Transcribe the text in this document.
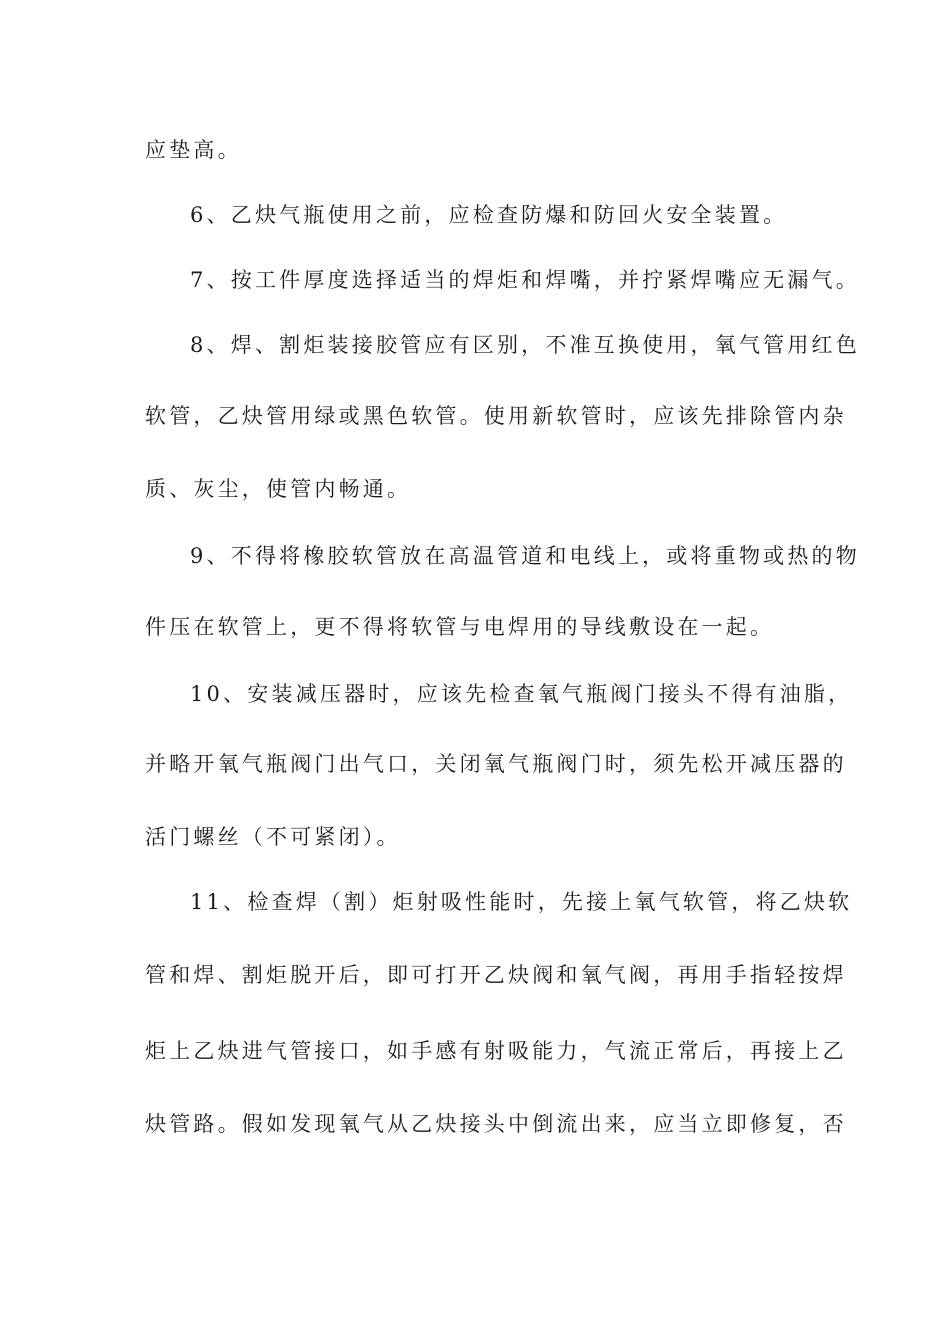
应垫高。
6、乙炔气瓶使用之前，应检查防爆和防回火安全装置。
7、按工件厚度选择适当的焊炬和焊嘴，并拧紧焊嘴应无漏气。
8、焊、割炬装接胶管应有区别，不准互换使用，氧气管用红色
软管，乙炔管用绿或黑色软管。使用新软管时，应该先排除管内杂
质、灰尘，使管内畅通。
9、不得将橡胶软管放在高温管道和电线上，或将重物或热的物
件压在软管上，更不得将软管与电焊用的导线敷设在一起。
10、安装减压器时，应该先检查氧气瓶阀门接头不得有油脂，
并略开氧气瓶阀门出气口，关闭氧气瓶阀门时，须先松开减压器的
活门螺丝（不可紧闭）。
11、检查焊（割）炬射吸性能时，先接上氧气软管，将乙炔软
管和焊、割炬脱开后，即可打开乙炔阀和氧气阀，再用手指轻按焊
炬上乙炔进气管接口，如手感有射吸能力，气流正常后，再接上乙
炔管路。假如发现氧气从乙炔接头中倒流出来，应当立即修复，否
